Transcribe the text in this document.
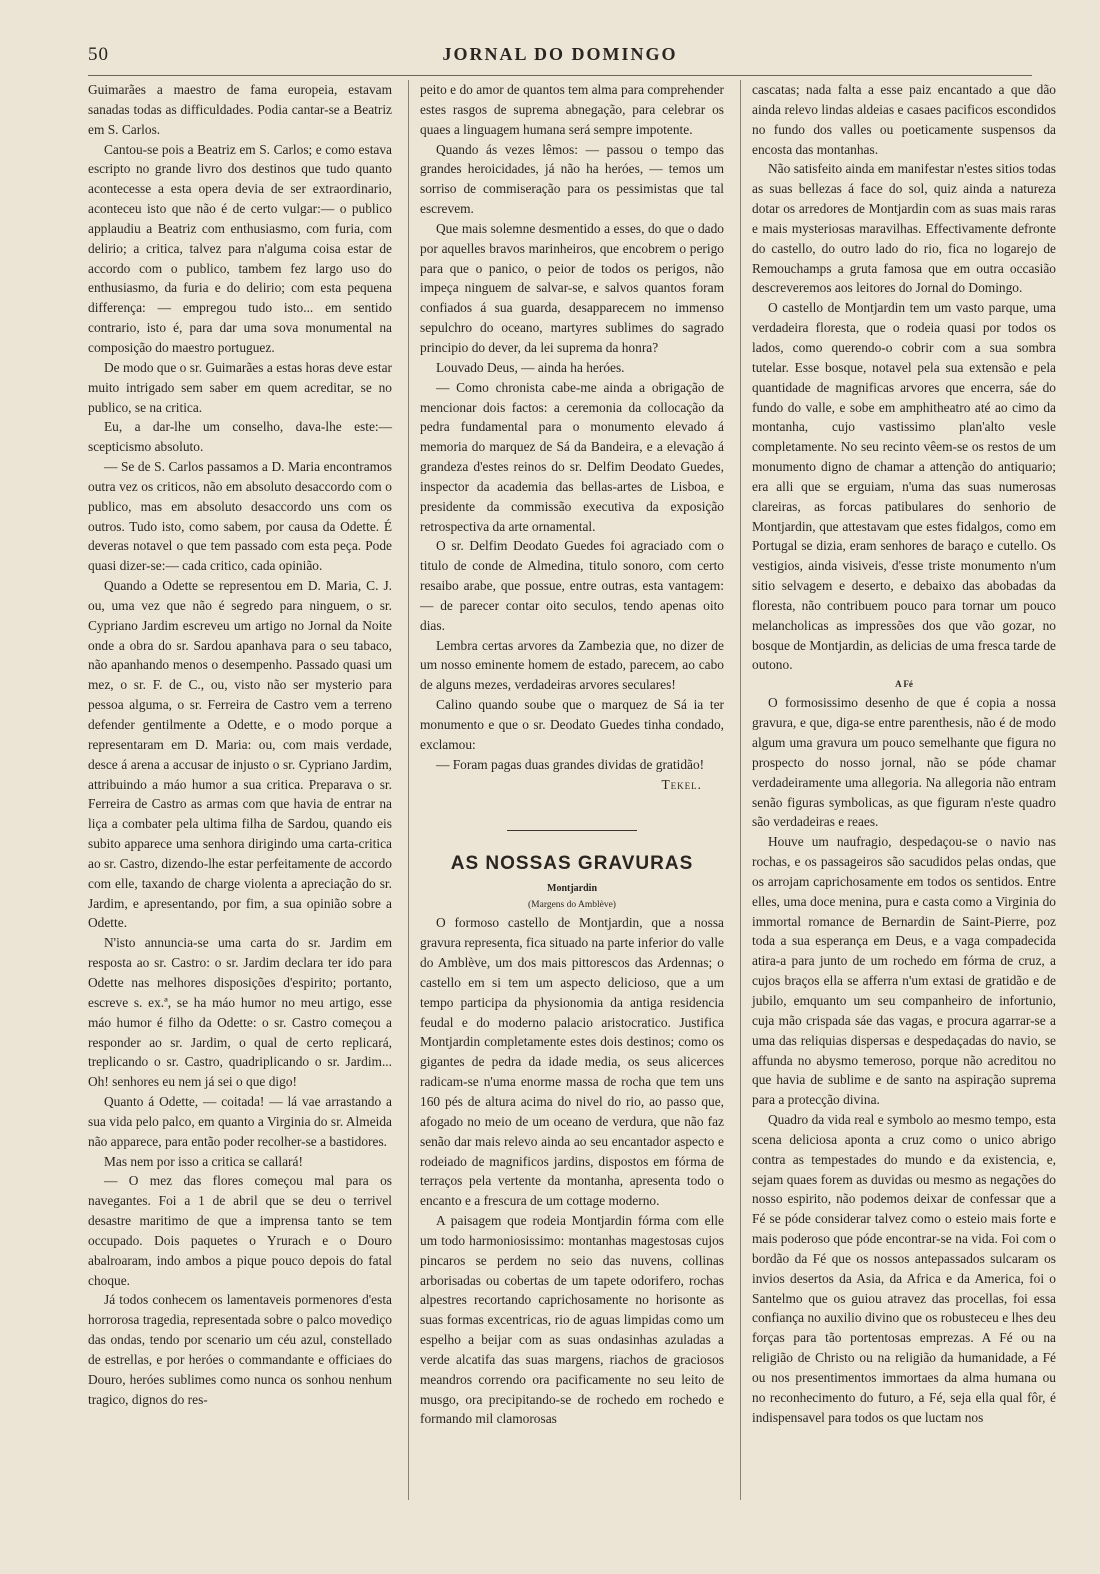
50	JORNAL DO DOMINGO

Guimarães a maestro de fama europeia, estavam sanadas todas as difficuldades. Podia cantar-se a Beatriz em S. Carlos.

Cantou-se pois a Beatriz em S. Carlos; e como estava escripto no grande livro dos destinos que tudo quanto acontecesse a esta opera devia de ser extraordinario, aconteceu isto que não é de certo vulgar:— o publico applaudiu a Beatriz com enthusiasmo, com furia, com delirio; a critica, talvez para n'alguma coisa estar de accordo com o publico, tambem fez largo uso do enthusiasmo, da furia e do delirio; com esta pequena differença: — empregou tudo isto... em sentido contrario, isto é, para dar uma sova monumental na composição do maestro portuguez.

De modo que o sr. Guimarães a estas horas deve estar muito intrigado sem saber em quem acreditar, se no publico, se na critica.

Eu, a dar-lhe um conselho, dava-lhe este:— scepticismo absoluto.

— Se de S. Carlos passamos a D. Maria encontramos outra vez os criticos, não em absoluto desaccordo com o publico, mas em absoluto desaccordo uns com os outros. Tudo isto, como sabem, por causa da Odette. É deveras notavel o que tem passado com esta peça. Pode quasi dizer-se:— cada critico, cada opinião.

Quando a Odette se representou em D. Maria, C. J. ou, uma vez que não é segredo para ninguem, o sr. Cypriano Jardim escreveu um artigo no Jornal da Noite onde a obra do sr. Sardou apanhava para o seu tabaco, não apanhando menos o desempenho. Passado quasi um mez, o sr. F. de C., ou, visto não ser mysterio para pessoa alguma, o sr. Ferreira de Castro vem a terreno defender gentilmente a Odette, e o modo porque a representaram em D. Maria: ou, com mais verdade, desce á arena a accusar de injusto o sr. Cypriano Jardim, attribuindo a máo humor a sua critica. Preparava o sr. Ferreira de Castro as armas com que havia de entrar na liça a combater pela ultima filha de Sardou, quando eis subito apparece uma senhora dirigindo uma carta-critica ao sr. Castro, dizendo-lhe estar perfeitamente de accordo com elle, taxando de charge violenta a apreciação do sr. Jardim, e apresentando, por fim, a sua opinião sobre a Odette.

N'isto annuncia-se uma carta do sr. Jardim em resposta ao sr. Castro: o sr. Jardim declara ter ido para Odette nas melhores disposições d'espirito; portanto, escreve s. ex.ª, se ha máo humor no meu artigo, esse máo humor é filho da Odette: o sr. Castro começou a responder ao sr. Jardim, o qual de certo replicará, treplicando o sr. Castro, quadriplicando o sr. Jardim... Oh! senhores eu nem já sei o que digo!

Quanto á Odette, — coitada! — lá vae arrastando a sua vida pelo palco, em quanto a Virginia do sr. Almeida não apparece, para então poder recolher-se a bastidores.

Mas nem por isso a critica se callará!

— O mez das flores começou mal para os navegantes. Foi a 1 de abril que se deu o terrivel desastre maritimo de que a imprensa tanto se tem occupado. Dois paquetes o Yrurach e o Douro abalroaram, indo ambos a pique pouco depois do fatal choque.

Já todos conhecem os lamentaveis pormenores d'esta horrorosa tragedia, representada sobre o palco movediço das ondas, tendo por scenario um céu azul, constellado de estrellas, e por heróes o commandante e officiaes do Douro, heróes sublimes como nunca os sonhou nenhum tragico, dignos do res-

peito e do amor de quantos tem alma para comprehender estes rasgos de suprema abnegação, para celebrar os quaes a linguagem humana será sempre impotente.

Quando ás vezes lêmos: — passou o tempo das grandes heroicidades, já não ha heróes, — temos um sorriso de commiseração para os pessimistas que tal escrevem.

Que mais solemne desmentido a esses, do que o dado por aquelles bravos marinheiros, que encobrem o perigo para que o panico, o peior de todos os perigos, não impeça ninguem de salvar-se, e salvos quantos foram confiados á sua guarda, desapparecem no immenso sepulchro do oceano, martyres sublimes do sagrado principio do dever, da lei suprema da honra?

Louvado Deus, — ainda ha heróes.

— Como chronista cabe-me ainda a obrigação de mencionar dois factos: a ceremonia da collocação da pedra fundamental para o monumento elevado á memoria do marquez de Sá da Bandeira, e a elevação á grandeza d'estes reinos do sr. Delfim Deodato Guedes, inspector da academia das bellas-artes de Lisboa, e presidente da commissão executiva da exposição retrospectiva da arte ornamental.

O sr. Delfim Deodato Guedes foi agraciado com o titulo de conde de Almedina, titulo sonoro, com certo resaibo arabe, que possue, entre outras, esta vantagem: — de parecer contar oito seculos, tendo apenas oito dias.

Lembra certas arvores da Zambezia que, no dizer de um nosso eminente homem de estado, parecem, ao cabo de alguns mezes, verdadeiras arvores seculares!

Calino quando soube que o marquez de Sá ia ter monumento e que o sr. Deodato Guedes tinha condado, exclamou:

— Foram pagas duas grandes dividas de gratidão!

Tekel.

AS NOSSAS GRAVURAS

Montjardin

(Margens do Amblève)

O formoso castello de Montjardin, que a nossa gravura representa, fica situado na parte inferior do valle do Amblève, um dos mais pittorescos das Ardennas; o castello em si tem um aspecto delicioso, que a um tempo participa da physionomia da antiga residencia feudal e do moderno palacio aristocratico. Justifica Montjardin completamente estes dois destinos; como os gigantes de pedra da idade media, os seus alicerces radicam-se n'uma enorme massa de rocha que tem uns 160 pés de altura acima do nivel do rio, ao passo que, afogado no meio de um oceano de verdura, que não faz senão dar mais relevo ainda ao seu encantador aspecto e rodeiado de magnificos jardins, dispostos em fórma de terraços pela vertente da montanha, apresenta todo o encanto e a frescura de um cottage moderno.

A paisagem que rodeia Montjardin fórma com elle um todo harmoniosissimo: montanhas magestosas cujos pincaros se perdem no seio das nuvens, collinas arborisadas ou cobertas de um tapete odorifero, rochas alpestres recortando caprichosamente no horisonte as suas formas excentricas, rio de aguas limpidas como um espelho a beijar com as suas ondasinhas azuladas a verde alcatifa das suas margens, riachos de graciosos meandros correndo ora pacificamente no seu leito de musgo, ora precipitando-se de rochedo em rochedo e formando mil clamorosas

cascatas; nada falta a esse paiz encantado a que dão ainda relevo lindas aldeias e casaes pacificos escondidos no fundo dos valles ou poeticamente suspensos da encosta das montanhas.

Não satisfeito ainda em manifestar n'estes sitios todas as suas bellezas á face do sol, quiz ainda a natureza dotar os arredores de Montjardin com as suas mais raras e mais mysteriosas maravilhas. Effectivamente defronte do castello, do outro lado do rio, fica no logarejo de Remouchamps a gruta famosa que em outra occasião descreveremos aos leitores do Jornal do Domingo.

O castello de Montjardin tem um vasto parque, uma verdadeira floresta, que o rodeia quasi por todos os lados, como querendo-o cobrir com a sua sombra tutelar. Esse bosque, notavel pela sua extensão e pela quantidade de magnificas arvores que encerra, sáe do fundo do valle, e sobe em amphitheatro até ao cimo da montanha, cujo vastissimo plan'alto vesle completamente. No seu recinto vêem-se os restos de um monumento digno de chamar a attenção do antiquario; era alli que se erguiam, n'uma das suas numerosas clareiras, as forcas patibulares do senhorio de Montjardin, que attestavam que estes fidalgos, como em Portugal se dizia, eram senhores de baraço e cutello. Os vestigios, ainda visiveis, d'esse triste monumento n'um sitio selvagem e deserto, e debaixo das abobadas da floresta, não contribuem pouco para tornar um pouco melancholicas as impressões dos que vão gozar, no bosque de Montjardin, as delicias de uma fresca tarde de outono.

A Fé

O formosissimo desenho de que é copia a nossa gravura, e que, diga-se entre parenthesis, não é de modo algum uma gravura um pouco semelhante que figura no prospecto do nosso jornal, não se póde chamar verdadeiramente uma allegoria. Na allegoria não entram senão figuras symbolicas, as que figuram n'este quadro são verdadeiras e reaes.

Houve um naufragio, despedaçou-se o navio nas rochas, e os passageiros são sacudidos pelas ondas, que os arrojam caprichosamente em todos os sentidos. Entre elles, uma doce menina, pura e casta como a Virginia do immortal romance de Bernardin de Saint-Pierre, poz toda a sua esperança em Deus, e a vaga compadecida atira-a para junto de um rochedo em fórma de cruz, a cujos braços ella se afferra n'um extasi de gratidão e de jubilo, emquanto um seu companheiro de infortunio, cuja mão crispada sáe das vagas, e procura agarrar-se a uma das reliquias dispersas e despedaçadas do navio, se affunda no abysmo temeroso, porque não acreditou no que havia de sublime e de santo na aspiração suprema para a protecção divina.

Quadro da vida real e symbolo ao mesmo tempo, esta scena deliciosa aponta a cruz como o unico abrigo contra as tempestades do mundo e da existencia, e, sejam quaes forem as duvidas ou mesmo as negações do nosso espirito, não podemos deixar de confessar que a Fé se póde considerar talvez como o esteio mais forte e mais poderoso que póde encontrar-se na vida. Foi com o bordão da Fé que os nossos antepassados sulcaram os invios desertos da Asia, da Africa e da America, foi o Santelmo que os guiou atravez das procellas, foi essa confiança no auxilio divino que os robusteceu e lhes deu forças para tão portentosas emprezas. A Fé ou na religião de Christo ou na religião da humanidade, a Fé ou nos presentimentos immortaes da alma humana ou no reconhecimento do futuro, a Fé, seja ella qual fôr, é indispensavel para todos os que luctam nos
